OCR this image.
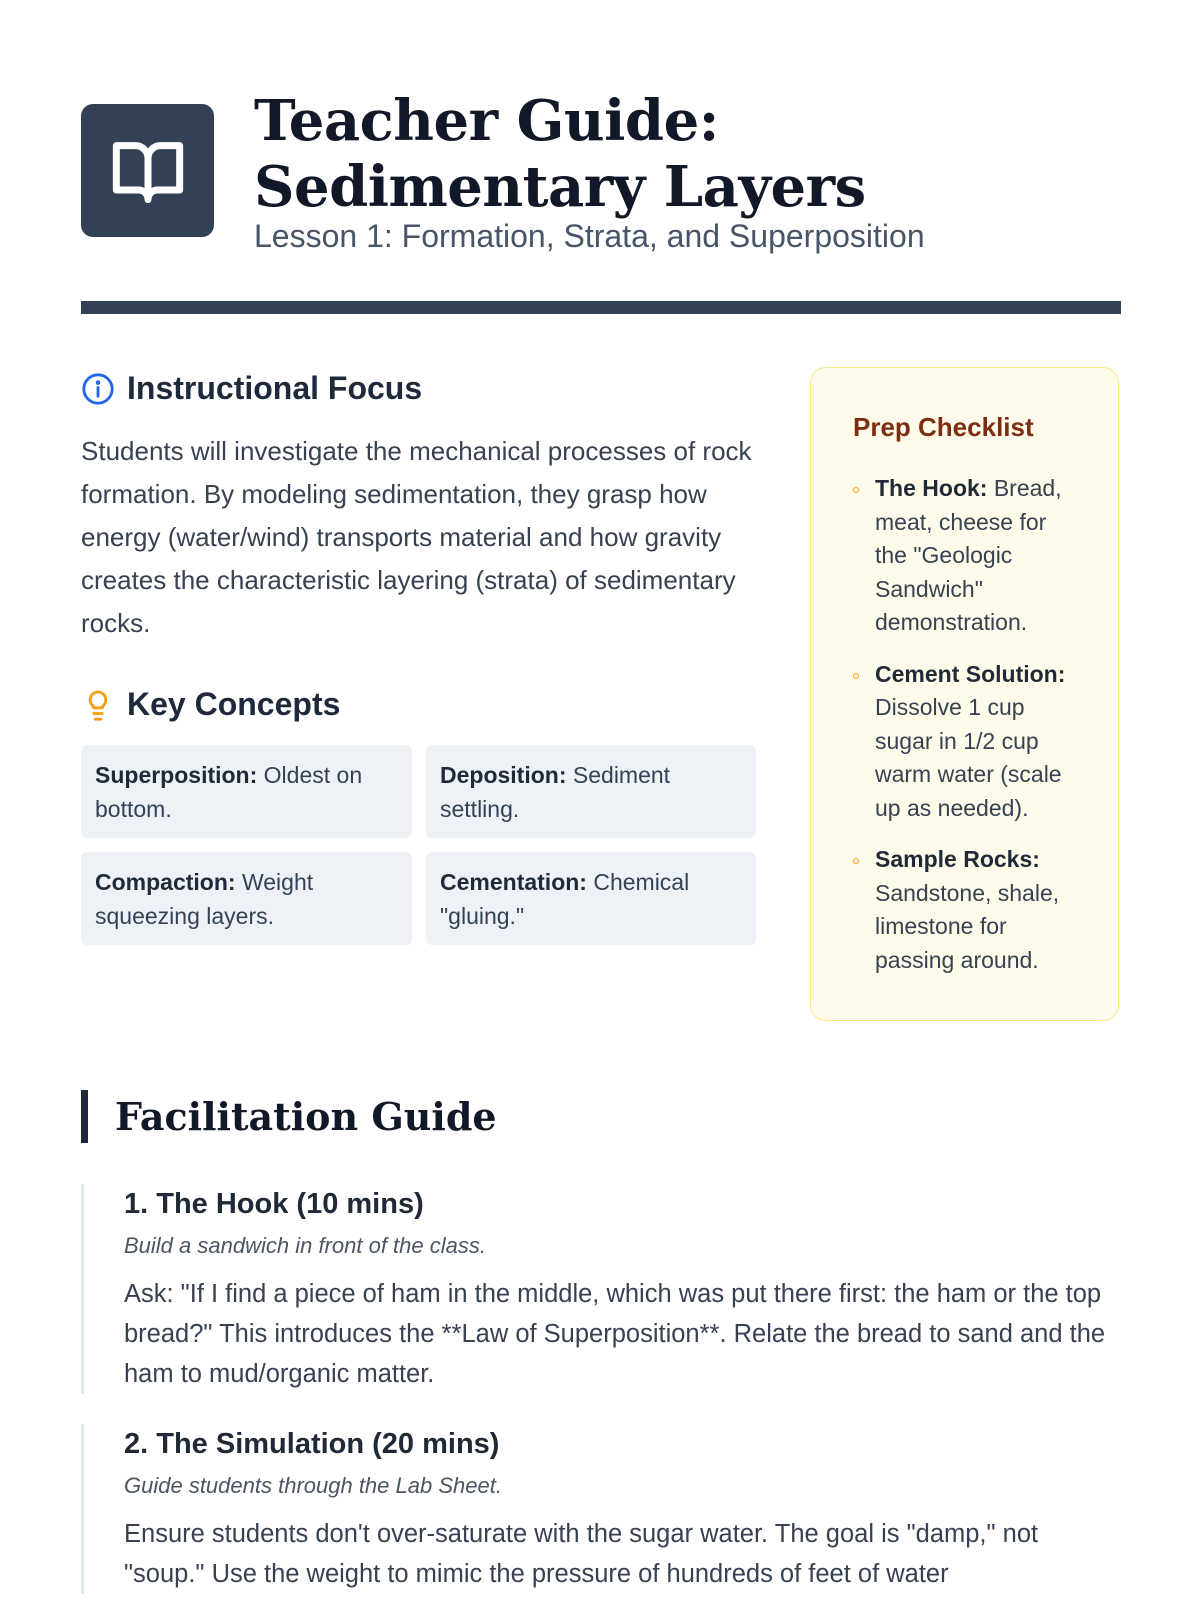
Teacher Guide: Sedimentary Layers

Lesson 1: Formation, Strata, and Superposition

Instructional Focus

Students will investigate the mechanical processes of rock formation. By modeling sedimentation, they grasp how energy (water/wind) transports material and how gravity creates the characteristic layering (strata) of sedimentary rocks.

Key Concepts
Superposition: Oldest on bottom.
Deposition: Sediment settling.
Compaction: Weight squeezing layers.
Cementation: Chemical "gluing."
Prep Checklist
The Hook: Bread, meat, cheese for the "Geologic Sandwich" demonstration.
Cement Solution: Dissolve 1 cup sugar in 1/2 cup warm water (scale up as needed).
Sample Rocks: Sandstone, shale, limestone for passing around.
Facilitation Guide
1. The Hook (10 mins)

Build a sandwich in front of the class.

Ask: "If I find a piece of ham in the middle, which was put there first: the ham or the top bread?" This introduces the **Law of Superposition**. Relate the bread to sand and the ham to mud/organic matter.

2. The Simulation (20 mins)

Guide students through the Lab Sheet.

Ensure students don't over-saturate with the sugar water. The goal is "damp," not "soup." Use the weight to mimic the pressure of hundreds of feet of water
